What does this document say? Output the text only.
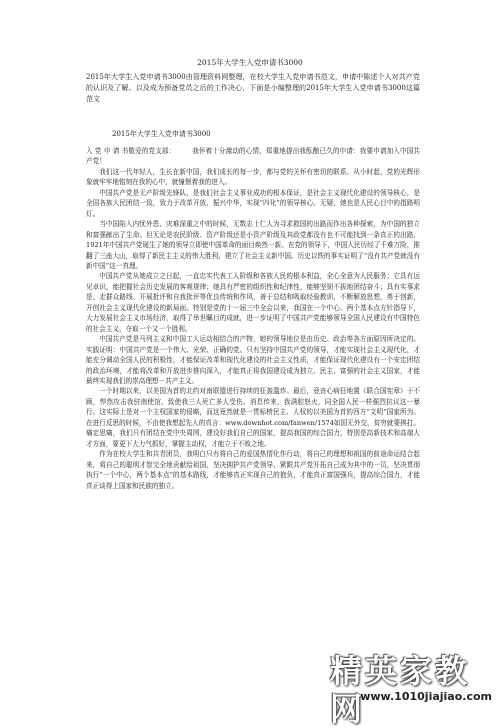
2015年大学生入党申请书3000

2015年大学生入党申请书3000由管理资料网整理，在校大学生入党申请书范文，申请中陈述个人对共产党的认识及了解。以及成为预备党员之后的工作决心，下面是小编整理的2015年大学生入党申请书3000这篇范文

2015年大学生入党申请书3000

入 党 申 请 书敬爱的党支部：　　　我怀着十分激动的心情，郑重地提出我酝酿已久的申请：我要申请加入中国共产党！

我们这一代年轻人，生长在新中国，我们成长的每一步，都与党的关怀有密切的联系。从小时起，党的光辉形象就牢牢地铭刻在我的心中，就憧憬着我的进入。

中国共产党是无产阶级先锋队，是我们社会主义事业成功的根本保证，是社会主义现代化建设的领导核心，是全国各族人民团结一致，致力于改革开放、振兴中华，实现“四化”的领导核心。无疑，她也是人民心目中的指路明灯。

当中国陷入内忧外患、灾难深重之中的时候，无数志士仁人为寻求救国的出路而作出各种探索，为中国的独立和富强献出了生命。但无论是农民阶级、资产阶级还是小资产阶级及其政党都没有也不可能找到一条真正的出路，1921年中国共产党诞生了她的领导立即使中国革命的面目焕然一新。在党的领导下，中国人民历经了千难万险，推翻了三座大山，取得了新民主主义的伟大胜利，建立了社会主义新中国。历史以铁的事实证明了“没有共产党就没有新中国”这一真理。

中国共产党从她成立之日起，一直忠实代表工人阶级和各族人民的根本利益，全心全意为人民服务；它具有远见卓识，能把握社会历史发展的客观规律；她具有严密的组织性和纪律性，能够坚韧不拔地团结奋斗；具有实事求是、走群众路线、开展批评和自我批评等优良传统和作风，善于总结和吸取经验教训，不断解放思想，勇于创新，开创社会主义现代化建设的新局面。特别是党的十一届三中全会以来，我国在一个中心、两个基本点方针指导下，大力发展社会主义市场经济，取得了举世瞩目的成就，进一步证明了中国共产党能够领导全国人民建设有中国特色的社会主义，夺取一个又一个胜利。

中国共产党是马列主义和中国工人运动相结合的产物，她的领导地位是由历史、政治等各方面原因所决定的。实践证明：中国共产党是一个伟大、光荣、正确的党。只有坚持中国共产党的领导，才能实现社会主义现代化，才能充分调动全国人民的积极性，才能保证改革和现代化建设的社会主义性质，才能保证现代化建设有一个安定团结的政治环境，才能将改革和开放进步推向深入，才能真正将我国建设成为独立、民主、富强的社会主义国家，才能最终实现我们的崇高理想－共产主义。

一个时期以来，以美国为首的北约对南联盟进行持续的狂轰滥炸。最后，竟丧心病狂地置《联合国宪章》于不顾，悍然攻击我驻南使馆，致使我三人死亡多人受伤。消息传来，我满腔怒火，同全国人民一样强烈抗议这一暴行。这实际上是对一个主权国家的侵略，而这竟然就是一贯标榜民主、人权的以美国为首的西方“文明”国家所为。在进行反思的时候，不由使我想起先人的真言：www.downhot.com/fanwen/1574如国无外交，贫穷就要挨打。痛定思痛，我们只有团结在党中央周围，建设好我们自己的国家，提高我国的综合国力，特别是高新技术和高端人才方面，要更下大力气抓好，掌握主动权，才能立于不败之地。

作为在校大学生和共青团员，我明白只有将自己的爱国热情化作行动，将自己的理想和祖国的前途命运结合起来，将自己的聪明才智完全地贡献给祖国，坚决拥护共产党领导，紧跟共产党开拓自己成为其中的一员，坚决贯彻执行“一个中心，两个基本点”的基本路线，才能够真正实现自己的抱负，才能真正富国强兵，提高综合国力，才能真正谈得上国家和民族的独立。

精英家教网
www.1010jiajiao.com
